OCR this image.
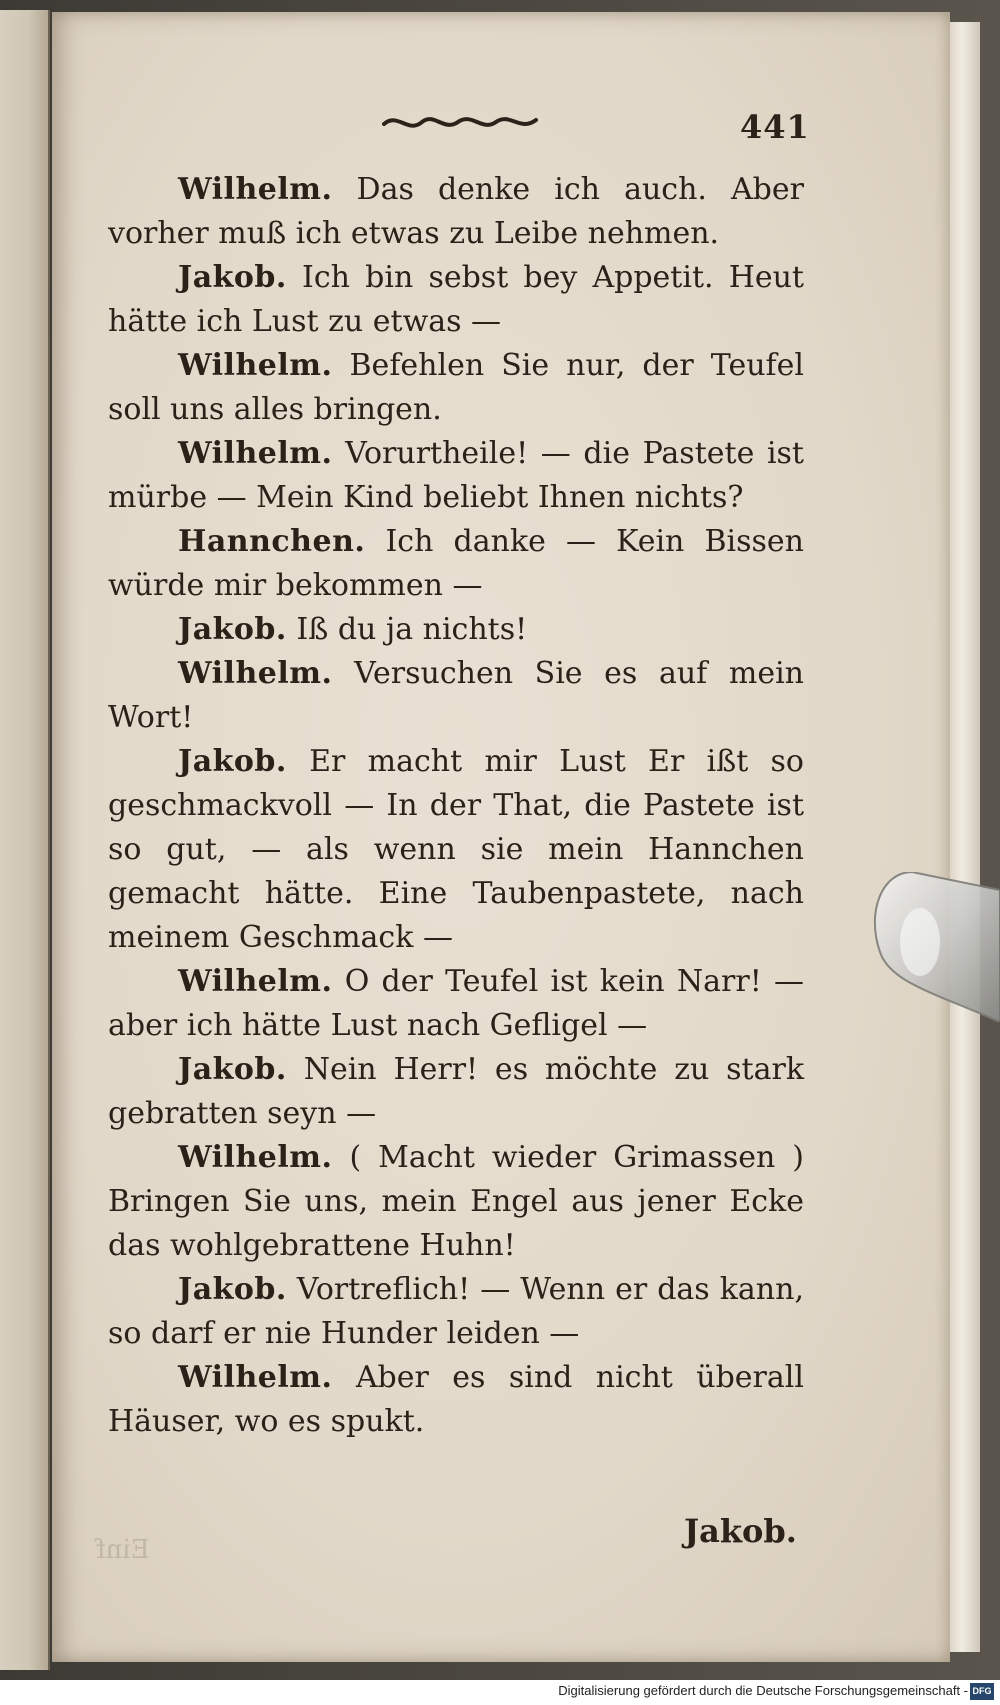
441

Wilhelm. Das denke ich auch. Aber vorher muß ich etwas zu Leibe nehmen.

Jakob. Ich bin sebst bey Appetit. Heut hätte ich Lust zu etwas —

Wilhelm. Befehlen Sie nur, der Teufel soll uns alles bringen.

Wilhelm. Vorurtheile! — die Pastete ist mürbe — Mein Kind beliebt Ihnen nichts?

Hannchen. Ich danke — Kein Bissen würde mir bekommen —

Jakob. Iß du ja nichts!

Wilhelm. Versuchen Sie es auf mein Wort!

Jakob. Er macht mir Lust Er ißt so geschmackvoll — In der That, die Pastete ist so gut, — als wenn sie mein Hannchen gemacht hätte. Eine Taubenpastete, nach meinem Geschmack —

Wilhelm. O der Teufel ist kein Narr! — aber ich hätte Lust nach Gefligel —

Jakob. Nein Herr! es möchte zu stark gebratten seyn —

Wilhelm. ( Macht wieder Grimassen ) Bringen Sie uns, mein Engel aus jener Ecke das wohlgebrattene Huhn!

Jakob. Vortreflich! — Wenn er das kann, so darf er nie Hunder leiden —

Wilhelm. Aber es sind nicht überall Häuser, wo es spukt.

Einf	Jakob.
Digitalisierung gefördert durch die Deutsche Forschungsgemeinschaft - DFG
